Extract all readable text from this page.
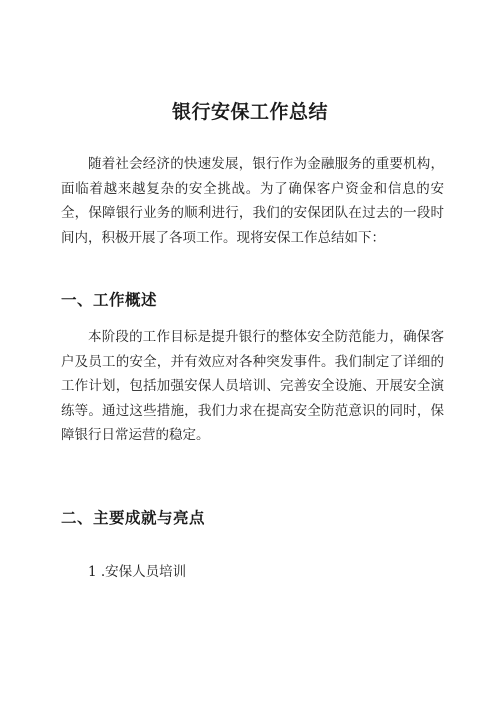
银行安保工作总结

随着社会经济的快速发展，银行作为金融服务的重要机构，面临着越来越复杂的安全挑战。为了确保客户资金和信息的安全，保障银行业务的顺利进行，我们的安保团队在过去的一段时间内，积极开展了各项工作。现将安保工作总结如下：

一、工作概述

本阶段的工作目标是提升银行的整体安全防范能力，确保客户及员工的安全，并有效应对各种突发事件。我们制定了详细的工作计划，包括加强安保人员培训、完善安全设施、开展安全演练等。通过这些措施，我们力求在提高安全防范意识的同时，保障银行日常运营的稳定。

二、主要成就与亮点

1 .安保人员培训
